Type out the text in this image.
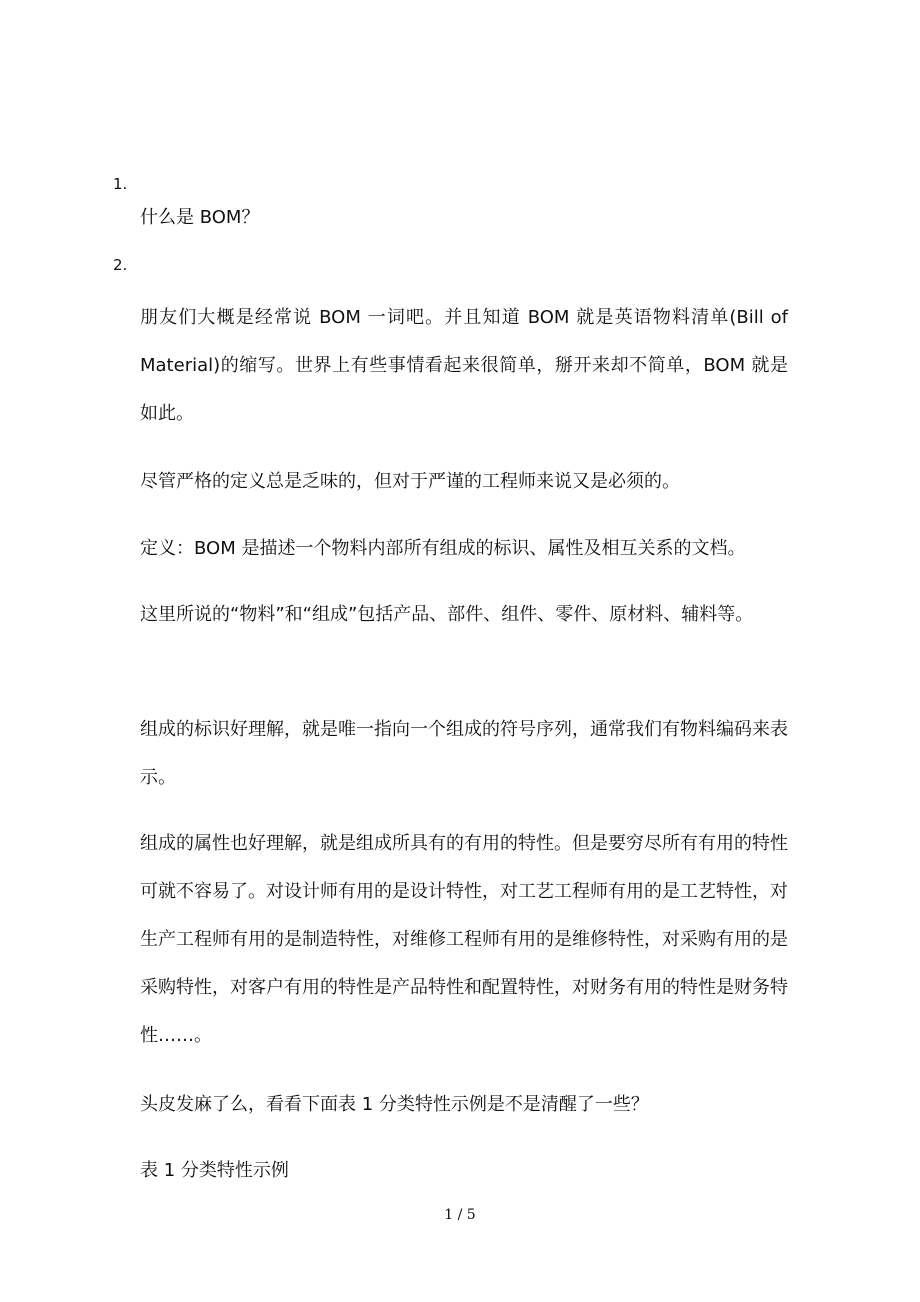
1.

什么是 BOM？

2.

朋友们大概是经常说 BOM 一词吧。并且知道 BOM 就是英语物料清单(Bill of Material)的缩写。世界上有些事情看起来很简单，掰开来却不简单，BOM 就是如此。

尽管严格的定义总是乏味的，但对于严谨的工程师来说又是必须的。

定义：BOM 是描述一个物料内部所有组成的标识、属性及相互关系的文档。

这里所说的“物料”和“组成”包括产品、部件、组件、零件、原材料、辅料等。

组成的标识好理解，就是唯一指向一个组成的符号序列，通常我们有物料编码来表示。

组成的属性也好理解，就是组成所具有的有用的特性。但是要穷尽所有有用的特性可就不容易了。对设计师有用的是设计特性，对工艺工程师有用的是工艺特性，对生产工程师有用的是制造特性，对维修工程师有用的是维修特性，对采购有用的是采购特性，对客户有用的特性是产品特性和配置特性，对财务有用的特性是财务特性……。

头皮发麻了么，看看下面表 1 分类特性示例是不是清醒了一些？

表 1 分类特性示例

1 / 5
